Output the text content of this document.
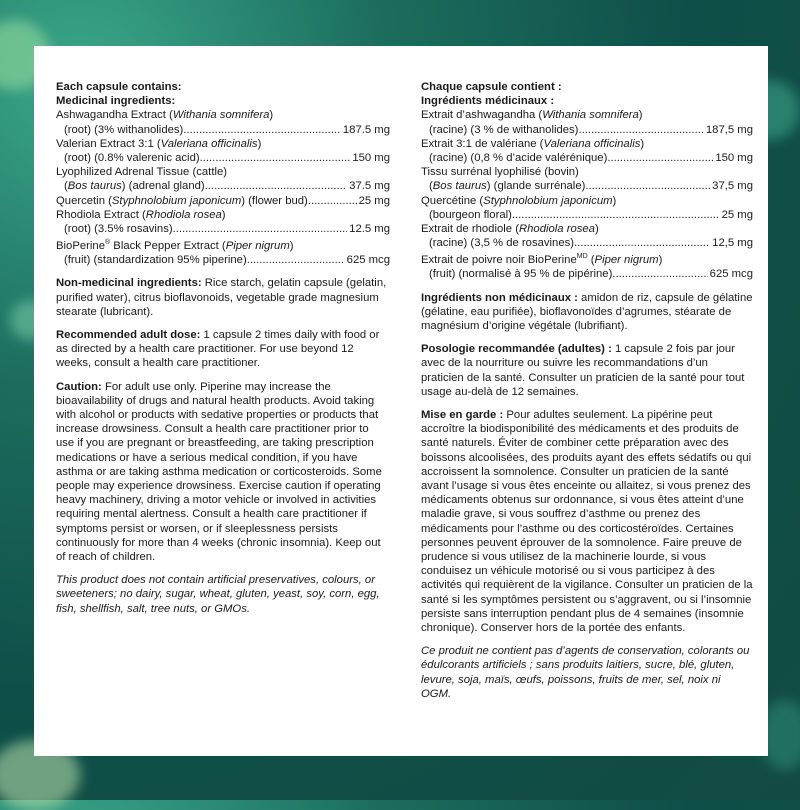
Each capsule contains:

Medicinal ingredients:

Ashwagandha Extract (Withania somnifera)

(root) (3% withanolides) .....	187.5 mg

Valerian Extract 3:1 (Valeriana officinalis)

(root) (0.8% valerenic acid) .....	150 mg

Lyophilized Adrenal Tissue (cattle)

(Bos taurus) (adrenal gland) .....	37.5 mg
Quercetin (Styphnolobium japonicum) (flower bud) .....	25 mg

Rhodiola Extract (Rhodiola rosea)

(root) (3.5% rosavins) .....	12.5 mg

BioPerine® Black Pepper Extract (Piper nigrum)

(fruit) (standardization 95% piperine) .....	625 mcg

Non-medicinal ingredients: Rice starch, gelatin capsule (gelatin, purified water), citrus bioflavonoids, vegetable grade magnesium stearate (lubricant).

Recommended adult dose: 1 capsule 2 times daily with food or as directed by a health care practitioner. For use beyond 12 weeks, consult a health care practitioner.

Caution: For adult use only. Piperine may increase the bioavailability of drugs and natural health products. Avoid taking with alcohol or products with sedative properties or products that increase drowsiness. Consult a health care practitioner prior to use if you are pregnant or breastfeeding, are taking prescription medications or have a serious medical condition, if you have asthma or are taking asthma medication or corticosteroids. Some people may experience drowsiness. Exercise caution if operating heavy machinery, driving a motor vehicle or involved in activities requiring mental alertness. Consult a health care practitioner if symptoms persist or worsen, or if sleeplessness persists continuously for more than 4 weeks (chronic insomnia). Keep out of reach of children.

This product does not contain artificial preservatives, colours, or sweeteners; no dairy, sugar, wheat, gluten, yeast, soy, corn, egg, fish, shellfish, salt, tree nuts, or GMOs.

Chaque capsule contient :

Ingrédients médicinaux :

Extrait d’ashwagandha (Withania somnifera)

(racine) (3 % de withanolides) .....	187,5 mg

Extrait 3:1 de valériane (Valeriana officinalis)

(racine) (0,8 % d’acide valérénique) .....	150 mg

Tissu surrénal lyophilisé (bovin)

(Bos taurus) (glande surrénale) .....	37,5 mg

Quercétine (Styphnolobium japonicum)

(bourgeon floral) .....	25 mg

Extrait de rhodiole (Rhodiola rosea)

(racine) (3,5 % de rosavines) .....	12,5 mg

Extrait de poivre noir BioPerine$^{MD}$ (Piper nigrum)

(fruit) (normalisé à 95 % de pipérine) .....	625 mcg

Ingrédients non médicinaux : amidon de riz, capsule de gélatine (gélatine, eau purifiée), bioflavonoïdes d’agrumes, stéarate de magnésium d’origine végétale (lubrifiant).

Posologie recommandée (adultes) : 1 capsule 2 fois par jour avec de la nourriture ou suivre les recommandations d’un praticien de la santé. Consulter un praticien de la santé pour tout usage au-delà de 12 semaines.

Mise en garde : Pour adultes seulement. La pipérine peut accroître la biodisponibilité des médicaments et des produits de santé naturels. Éviter de combiner cette préparation avec des boissons alcoolisées, des produits ayant des effets sédatifs ou qui accroissent la somnolence. Consulter un praticien de la santé avant l’usage si vous êtes enceinte ou allaitez, si vous prenez des médicaments obtenus sur ordonnance, si vous êtes atteint d’une maladie grave, si vous souffrez d’asthme ou prenez des médicaments pour l’asthme ou des corticostéroïdes. Certaines personnes peuvent éprouver de la somnolence. Faire preuve de prudence si vous utilisez de la machinerie lourde, si vous conduisez un véhicule motorisé ou si vous participez à des activités qui requièrent de la vigilance. Consulter un praticien de la santé si les symptômes persistent ou s’aggravent, ou si l’insomnie persiste sans interruption pendant plus de 4 semaines (insomnie chronique). Conserver hors de la portée des enfants.

Ce produit ne contient pas d’agents de conservation, colorants ou édulcorants artificiels ; sans produits laitiers, sucre, blé, gluten, levure, soja, maïs, œufs, poissons, fruits de mer, sel, noix ni OGM.
